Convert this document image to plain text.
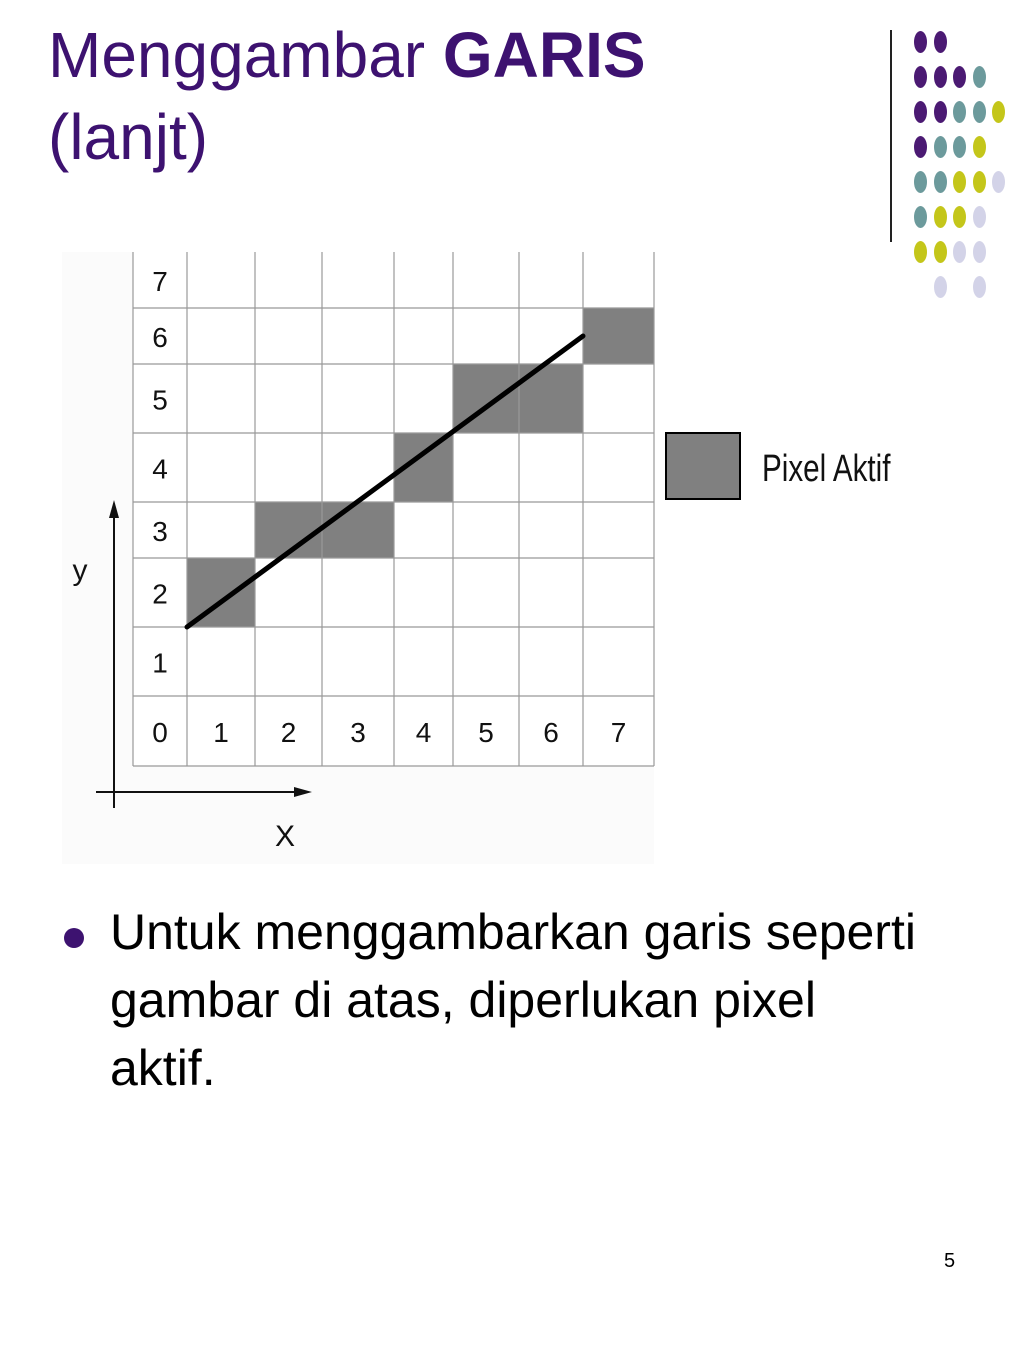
Menggambar GARIS
(lanjt)
7
6
5
4
3
2
1
0 1 2 3 4 5 6 7
y
X
Pixel Aktif
Untuk menggambarkan garis seperti gambar di atas, diperlukan pixel aktif.
5
